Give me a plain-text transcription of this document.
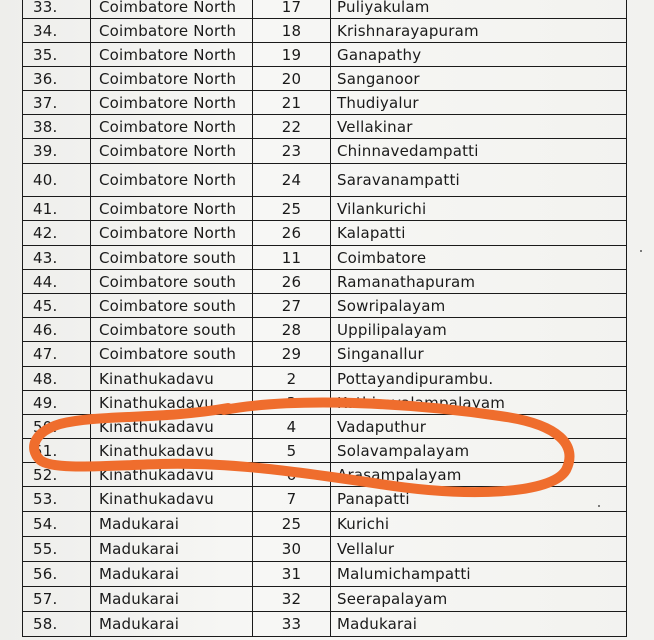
33.	Coimbatore North	17	Puliyakulam
34.	Coimbatore North	18	Krishnarayapuram
35.	Coimbatore North	19	Ganapathy
36.	Coimbatore North	20	Sanganoor
37.	Coimbatore North	21	Thudiyalur
38.	Coimbatore North	22	Vellakinar
39.	Coimbatore North	23	Chinnavedampatti
40.	Coimbatore North	24	Saravanampatti
41.	Coimbatore North	25	Vilankurichi
42.	Coimbatore North	26	Kalapatti
43.	Coimbatore south	11	Coimbatore
44.	Coimbatore south	26	Ramanathapuram
45.	Coimbatore south	27	Sowripalayam
46.	Coimbatore south	28	Uppilipalayam
47.	Coimbatore south	29	Singanallur
48.	Kinathukadavu	2	Pottayandipurambu.
49.	Kinathukadavu	3	Kuthiravalampalayam
50.	Kinathukadavu	4	Vadaputhur
51.	Kinathukadavu	5	Solavampalayam
52.	Kinathukadavu	6	Arasampalayam
53.	Kinathukadavu	7	Panapatti
54.	Madukarai	25	Kurichi
55.	Madukarai	30	Vellalur
56.	Madukarai	31	Malumichampatti
57.	Madukarai	32	Seerapalayam
58.	Madukarai	33	Madukarai
